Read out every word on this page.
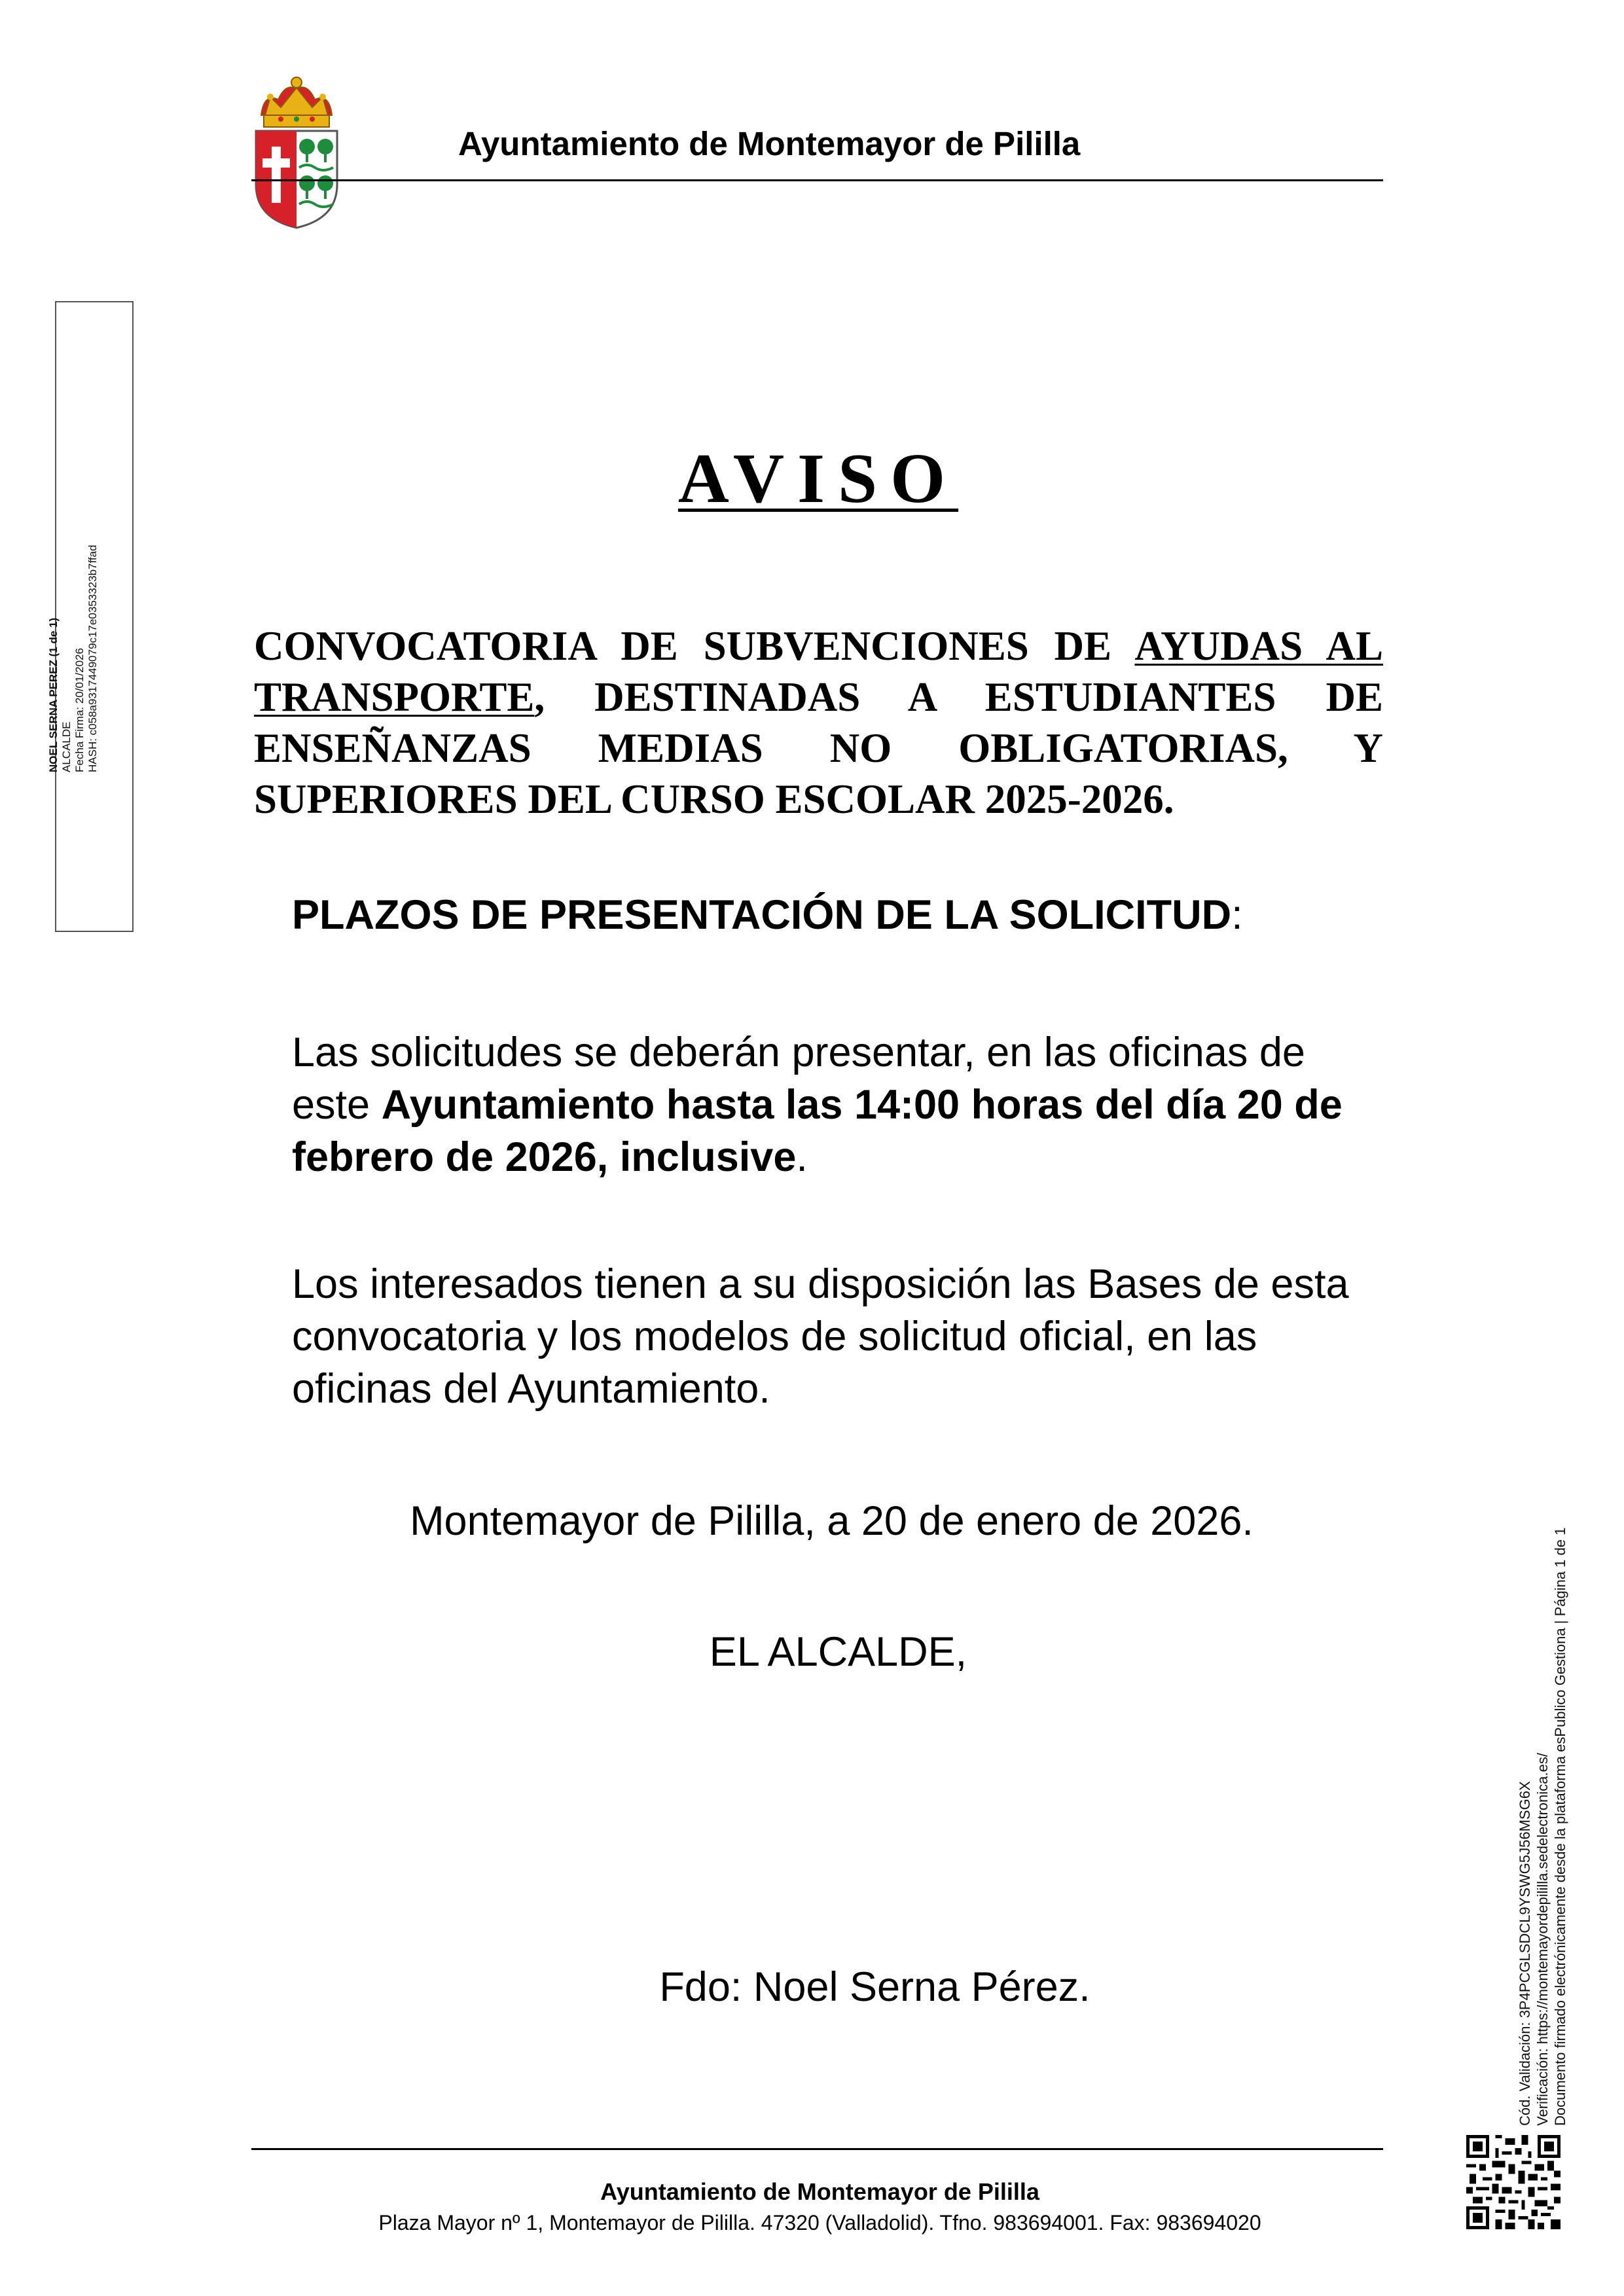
Ayuntamiento de Montemayor de Pililla
NOEL SERNA PEREZ (1 de 1) ALCALDE Fecha Firma: 20/01/2026 HASH: c058a9317449079c17e0353323b7ffad
AVISO
CONVOCATORIA DE SUBVENCIONES DE AYUDAS AL TRANSPORTE, DESTINADAS A ESTUDIANTES DE ENSEÑANZAS MEDIAS NO OBLIGATORIAS, Y SUPERIORES DEL CURSO ESCOLAR 2025-2026.
PLAZOS DE PRESENTACIÓN DE LA SOLICITUD:
Las solicitudes se deberán presentar, en las oficinas de este Ayuntamiento hasta las 14:00 horas del día 20 de febrero de 2026, inclusive.
Los interesados tienen a su disposición las Bases de esta convocatoria y los modelos de solicitud oficial, en las oficinas del Ayuntamiento.
Montemayor de Pililla, a 20 de enero de 2026.
EL ALCALDE,
Fdo: Noel Serna Pérez.	Cód. Validación: 3P4PCGLSDCL9YSWG5J56MSG6X Verificación: https://montemayordepililla.sedelectronica.es/ Documento firmado electrónicamente desde la plataforma esPublico Gestiona | Página 1 de 1
Ayuntamiento de Montemayor de Pililla
Plaza Mayor nº 1, Montemayor de Pililla. 47320 (Valladolid). Tfno. 983694001. Fax: 983694020
